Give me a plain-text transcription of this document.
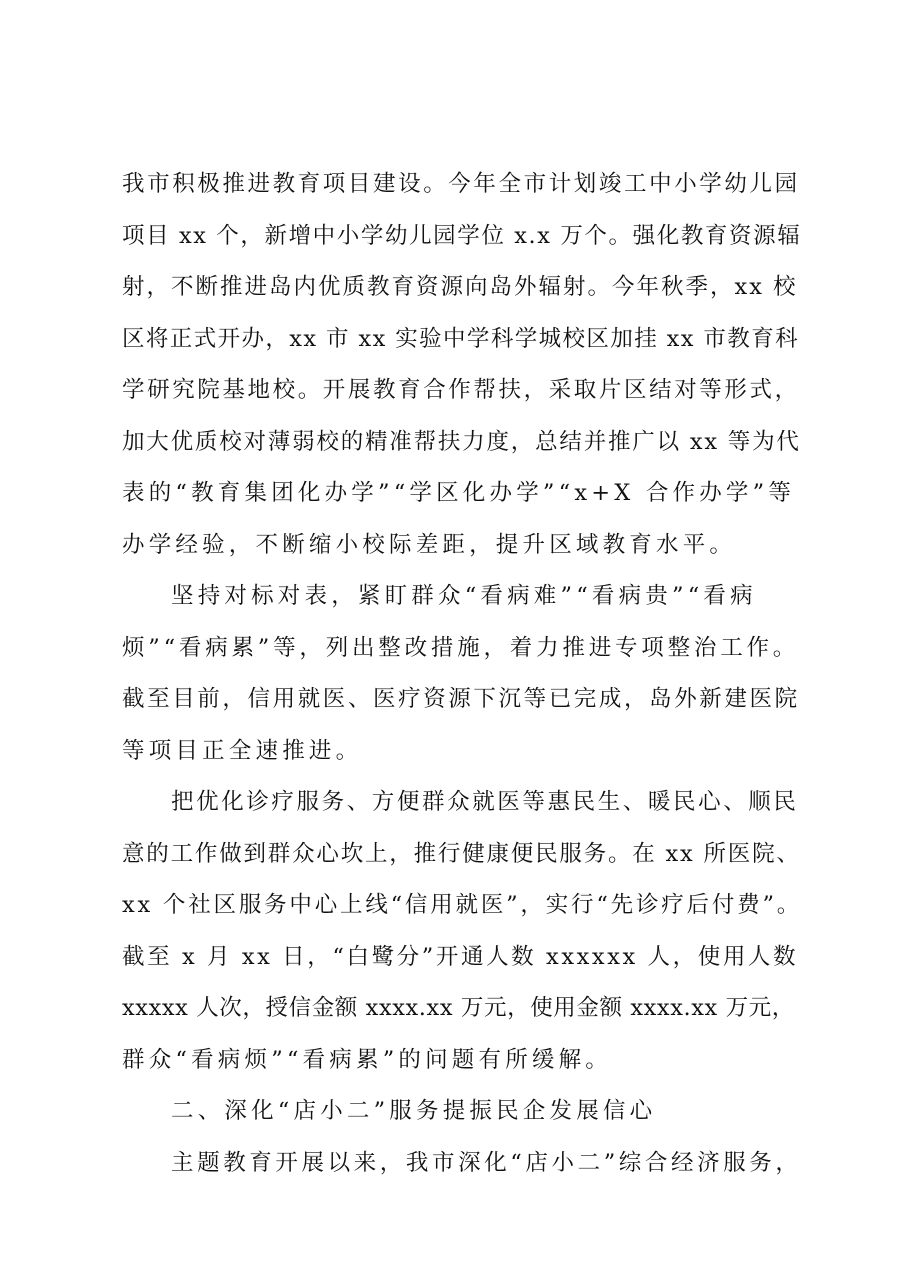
我市积极推进教育项目建设。今年全市计划竣工中小学幼儿园
项目 xx 个，新增中小学幼儿园学位 x.x 万个。强化教育资源辐
射，不断推进岛内优质教育资源向岛外辐射。今年秋季，xx 校
区将正式开办，xx 市 xx 实验中学科学城校区加挂 xx 市教育科
学研究院基地校。开展教育合作帮扶，采取片区结对等形式，
加大优质校对薄弱校的精准帮扶力度，总结并推广以 xx 等为代
表的“教育集团化办学”“学区化办学”“x+X 合作办学”等
办学经验，不断缩小校际差距，提升区域教育水平。

坚持对标对表，紧盯群众“看病难”“看病贵”“看病
烦”“看病累”等，列出整改措施，着力推进专项整治工作。
截至目前，信用就医、医疗资源下沉等已完成，岛外新建医院
等项目正全速推进。

把优化诊疗服务、方便群众就医等惠民生、暖民心、顺民
意的工作做到群众心坎上，推行健康便民服务。在 xx 所医院、
xx 个社区服务中心上线“信用就医”，实行“先诊疗后付费”。
截至 x 月 xx 日，“白鹭分”开通人数 xxxxxx 人，使用人数
xxxxx 人次，授信金额 xxxx.xx 万元，使用金额 xxxx.xx 万元，
群众“看病烦”“看病累”的问题有所缓解。

二、深化“店小二”服务提振民企发展信心

主题教育开展以来，我市深化“店小二”综合经济服务，
